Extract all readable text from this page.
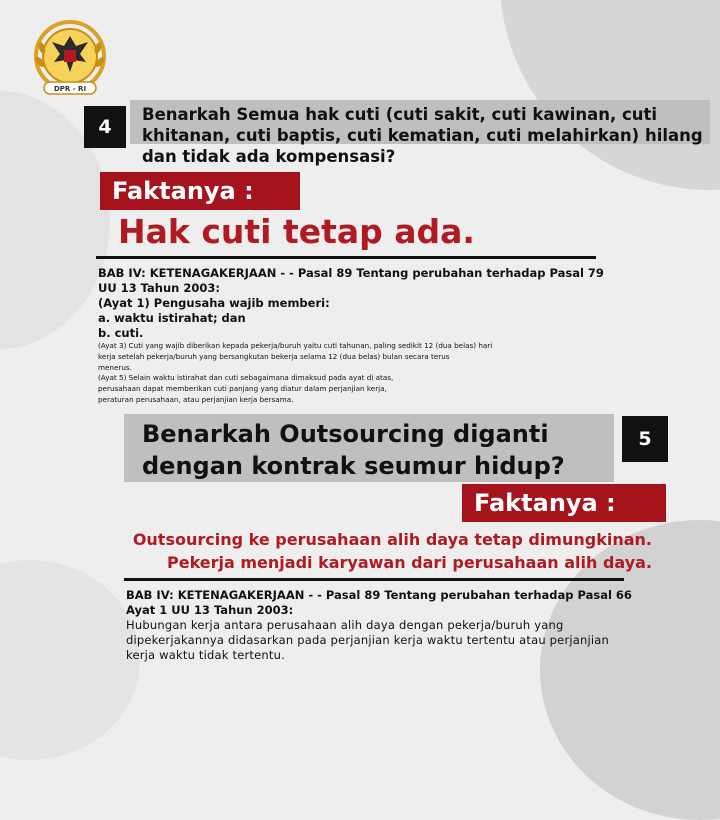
DPR - RI
4
Benarkah Semua hak cuti (cuti sakit, cuti kawinan, cuti khitanan, cuti baptis, cuti kematian, cuti melahirkan) hilang dan tidak ada kompensasi?
Faktanya :
Hak cuti tetap ada.

BAB IV: KETENAGAKERJAAN - - Pasal 89 Tentang perubahan terhadap Pasal 79

UU 13 Tahun 2003:

(Ayat 1) Pengusaha wajib memberi:

a. waktu istirahat; dan

b. cuti.

(Ayat 3) Cuti yang wajib diberikan kepada pekerja/buruh yaitu cuti tahunan, paling sedikit 12 (dua belas) hari

kerja setelah pekerja/buruh yang bersangkutan bekerja selama 12 (dua belas) bulan secara terus

menerus.

(Ayat 5) Selain waktu istirahat dan cuti sebagaimana dimaksud pada ayat di atas,

perusahaan dapat memberikan cuti panjang yang diatur dalam perjanjian kerja,

peraturan perusahaan, atau perjanjian kerja bersama.

5
Benarkah Outsourcing diganti
dengan kontrak seumur hidup?
Faktanya :
Outsourcing ke perusahaan alih daya tetap dimungkinan.
Pekerja menjadi karyawan dari perusahaan alih daya.

BAB IV: KETENAGAKERJAAN - - Pasal 89 Tentang perubahan terhadap Pasal 66

Ayat 1 UU 13 Tahun 2003:

Hubungan kerja antara perusahaan alih daya dengan pekerja/buruh yang

dipekerjakannya didasarkan pada perjanjian kerja waktu tertentu atau perjanjian

kerja waktu tidak tertentu.
